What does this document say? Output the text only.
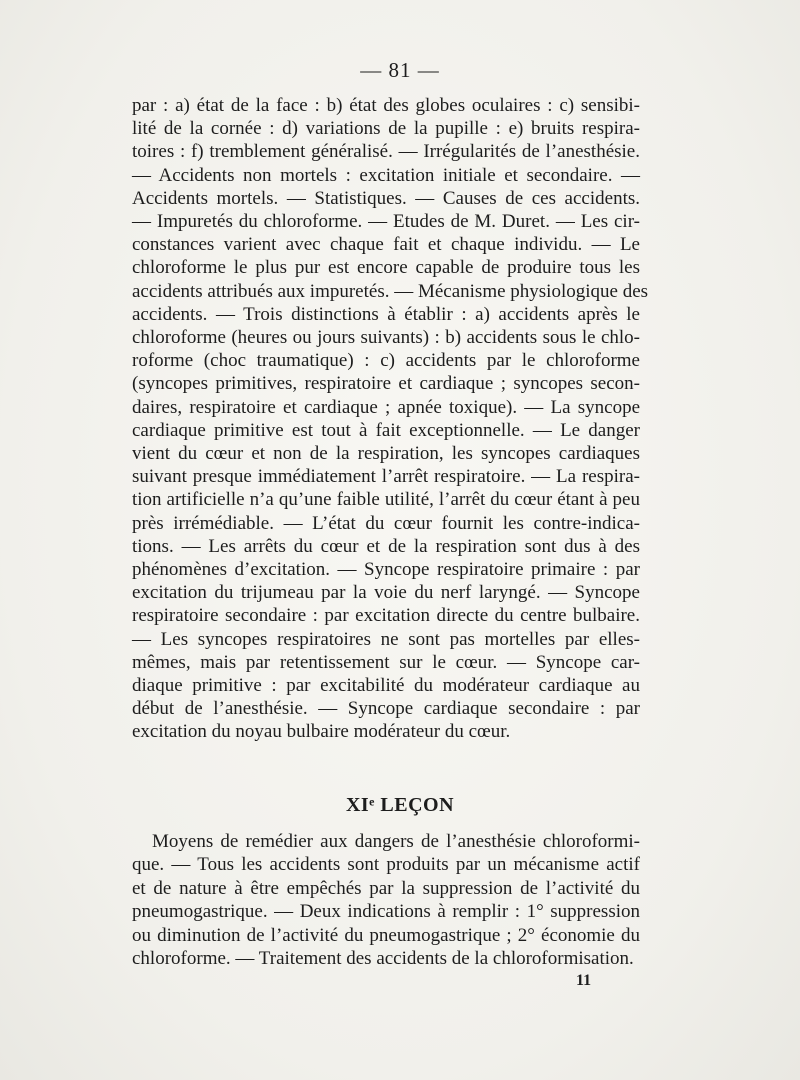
— 81 —
par : a) état de la face : b) état des globes oculaires : c) sensibi-
lité de la cornée : d) variations de la pupille : e) bruits respira-
toires : f) tremblement généralisé. — Irrégularités de l’anesthésie.
— Accidents non mortels : excitation initiale et secondaire. —
Accidents mortels. — Statistiques. — Causes de ces accidents.
— Impuretés du chloroforme. — Etudes de M. Duret. — Les cir-
constances varient avec chaque fait et chaque individu. — Le
chloroforme le plus pur est encore capable de produire tous les
accidents attribués aux impuretés. — Mécanisme physiologique des
accidents. — Trois distinctions à établir : a) accidents après le
chloroforme (heures ou jours suivants) : b) accidents sous le chlo-
roforme (choc traumatique) : c) accidents par le chloroforme
(syncopes primitives, respiratoire et cardiaque ; syncopes secon-
daires, respiratoire et cardiaque ; apnée toxique). — La syncope
cardiaque primitive est tout à fait exceptionnelle. — Le danger
vient du cœur et non de la respiration, les syncopes cardiaques
suivant presque immédiatement l’arrêt respiratoire. — La respira-
tion artificielle n’a qu’une faible utilité, l’arrêt du cœur étant à peu
près irrémédiable. — L’état du cœur fournit les contre-indica-
tions. — Les arrêts du cœur et de la respiration sont dus à des
phénomènes d’excitation. — Syncope respiratoire primaire : par
excitation du trijumeau par la voie du nerf laryngé. — Syncope
respiratoire secondaire : par excitation directe du centre bulbaire.
— Les syncopes respiratoires ne sont pas mortelles par elles-
mêmes, mais par retentissement sur le cœur. — Syncope car-
diaque primitive : par excitabilité du modérateur cardiaque au
début de l’anesthésie. — Syncope cardiaque secondaire : par
excitation du noyau bulbaire modérateur du cœur.
XIᵉ LEÇON
Moyens de remédier aux dangers de l’anesthésie chloroformi-
que. — Tous les accidents sont produits par un mécanisme actif
et de nature à être empêchés par la suppression de l’activité du
pneumogastrique. — Deux indications à remplir : 1° suppression
ou diminution de l’activité du pneumogastrique ; 2° économie du
chloroforme. — Traitement des accidents de la chloroformisation.
11
